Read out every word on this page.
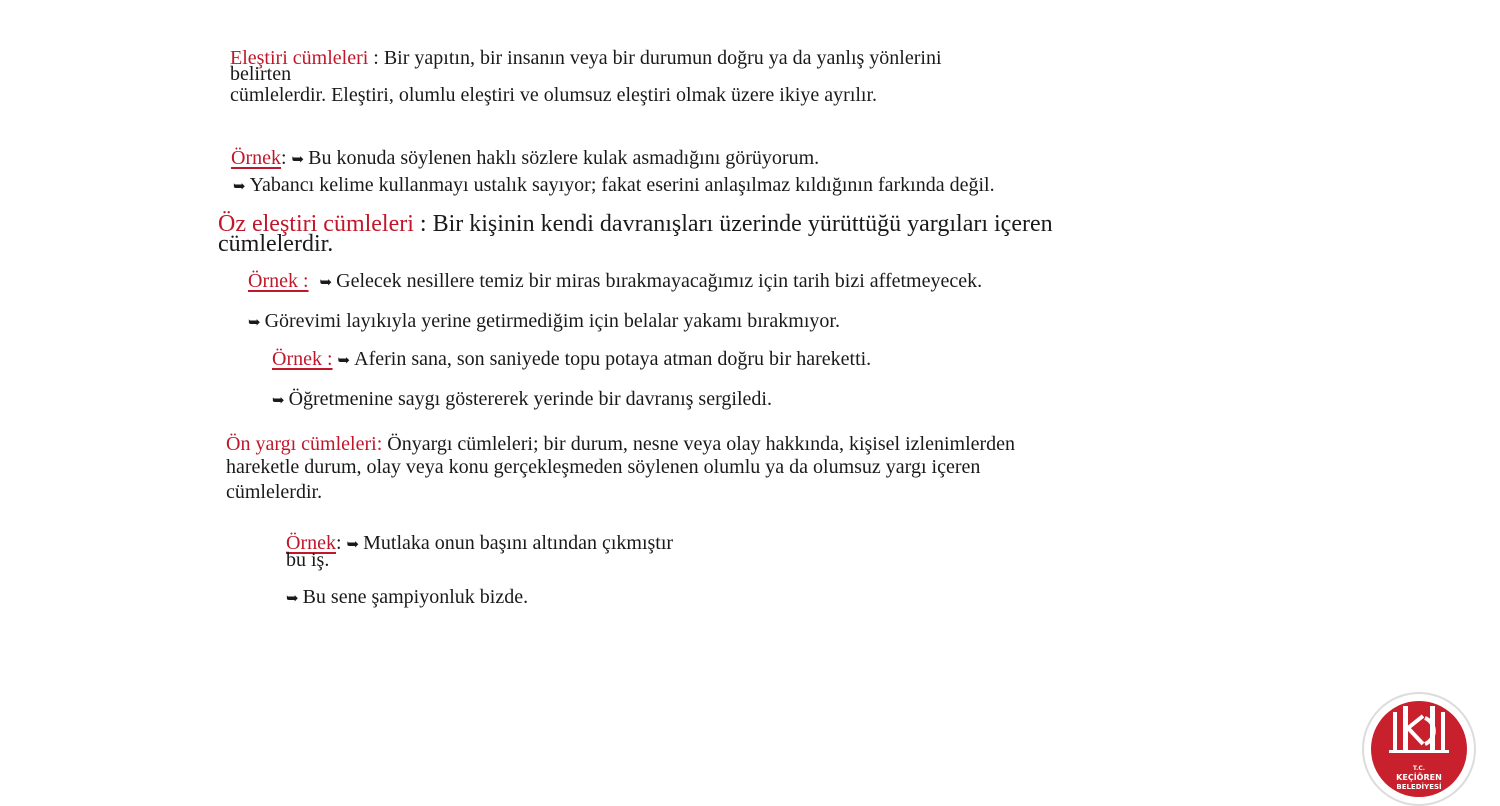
Eleştiri cümleleri : Bir yapıtın, bir insanın veya bir durumun doğru ya da yanlış yönlerini
belirten
cümlelerdir. Eleştiri, olumlu eleştiri ve olumsuz eleştiri olmak üzere ikiye ayrılır.
Örnek: ➥ Bu konuda söylenen haklı sözlere kulak asmadığını görüyorum.
➥ Yabancı kelime kullanmayı ustalık sayıyor; fakat eserini anlaşılmaz kıldığının farkında değil.
Öz eleştiri cümleleri : Bir kişinin kendi davranışları üzerinde yürüttüğü yargıları içeren
cümlelerdir.
Örnek : ➥ Gelecek nesillere temiz bir miras bırakmayacağımız için tarih bizi affetmeyecek.
➥ Görevimi layıkıyla yerine getirmediğim için belalar yakamı bırakmıyor.
Örnek : ➥ Aferin sana, son saniyede topu potaya atman doğru bir hareketti.
➥ Öğretmenine saygı göstererek yerinde bir davranış sergiledi.
Ön yargı cümleleri: Önyargı cümleleri; bir durum, nesne veya olay hakkında, kişisel izlenimlerden
hareketle durum, olay veya konu gerçekleşmeden söylenen olumlu ya da olumsuz yargı içeren
cümlelerdir.
Örnek: ➥ Mutlaka onun başını altından çıkmıştır
bu iş.
➥ Bu sene şampiyonluk bizde.
T.C.
KEÇİÖREN
BELEDİYESİ
